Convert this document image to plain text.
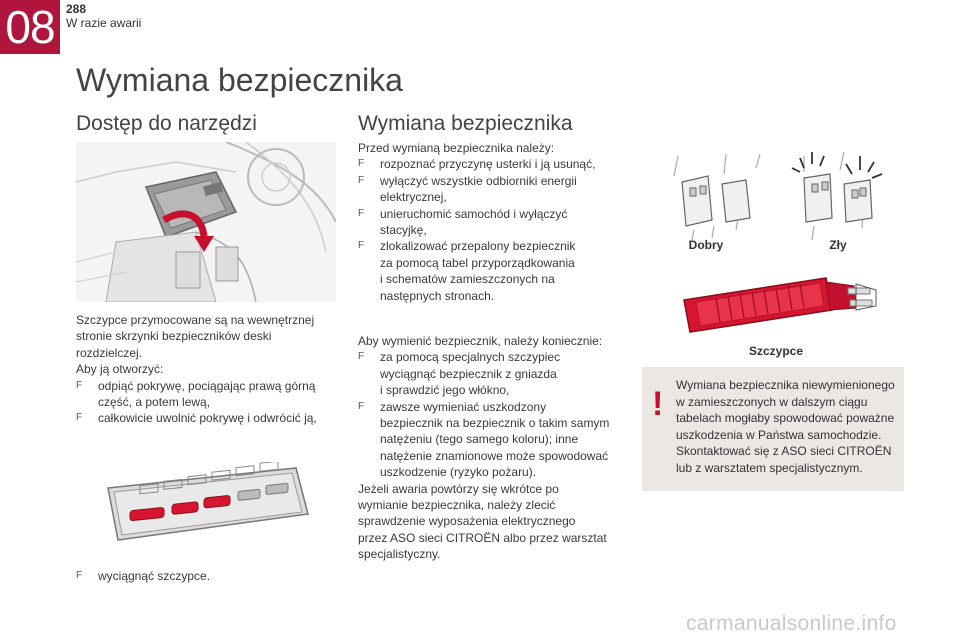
08 288
W razie awarii
Wymiana bezpiecznika
Dostęp do narzędzi
Szczypce przymocowane są na wewnętrznej
stronie skrzynki bezpieczników deski
rozdzielczej.
Aby ją otworzyć:
F odpiąć pokrywę, pociągając prawą górną
część, a potem lewą,
F całkowicie uwolnić pokrywę i odwrócić ją,
F wyciągnąć szczypce.
Wymiana bezpiecznika
Przed wymianą bezpiecznika należy:
F rozpoznać przyczynę usterki i ją usunąć,
F wyłączyć wszystkie odbiorniki energii
elektrycznej,
F unieruchomić samochód i wyłączyć
stacyjkę,
F zlokalizować przepalony bezpiecznik
za pomocą tabel przyporządkowania
i schematów zamieszczonych na
następnych stronach.
Aby wymienić bezpiecznik, należy koniecznie:
F za pomocą specjalnych szczypiec
wyciągnąć bezpiecznik z gniazda
i sprawdzić jego włókno,
F zawsze wymieniać uszkodzony
bezpiecznik na bezpiecznik o takim samym
natężeniu (tego samego koloru); inne
natężenie znamionowe może spowodować
uszkodzenie (ryzyko pożaru).
Jeżeli awaria powtórzy się wkrótce po
wymianie bezpiecznika, należy zlecić
sprawdzenie wyposażenia elektrycznego
przez ASO sieci CITROËN albo przez warsztat
specjalistyczny.
Dobry	Zły
Szczypce
! Wymiana bezpiecznika niewymienionego
w zamieszczonych w dalszym ciągu
tabelach mogłaby spowodować poważne
uszkodzenia w Państwa samochodzie.
Skontaktować się z ASO sieci CITROËN
lub z warsztatem specjalistycznym.
carmanualsonline.info
